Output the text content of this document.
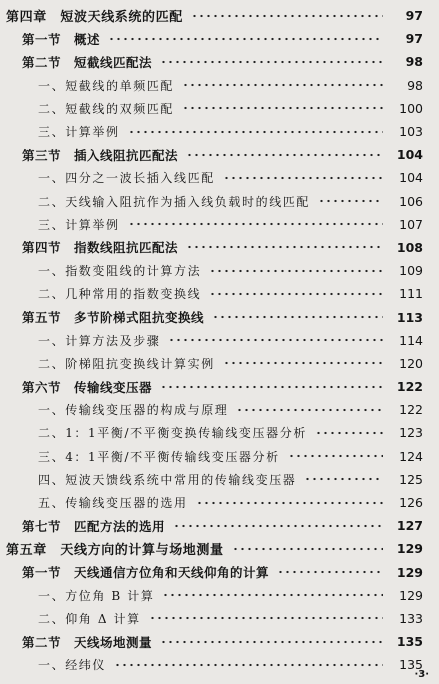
第四章　短波天线系统的匹配	97
第一节　概述	97
第二节　短截线匹配法	98
一、短截线的单频匹配	98
二、短截线的双频匹配	100
三、计算举例	103
第三节　插入线阻抗匹配法	104
一、四分之一波长插入线匹配	104
二、天线输入阻抗作为插入线负载时的线匹配	106
三、计算举例	107
第四节　指数线阻抗匹配法	108
一、指数变阻线的计算方法	109
二、几种常用的指数变换线	111
第五节　多节阶梯式阻抗变换线	113
一、计算方法及步骤	114
二、阶梯阻抗变换线计算实例	120
第六节　传输线变压器	122
一、传输线变压器的构成与原理	122
二、1：1平衡/不平衡变换传输线变压器分析	123
三、4：1平衡/不平衡传输线变压器分析	124
四、短波天馈线系统中常用的传输线变压器	125
五、传输线变压器的选用	126
第七节　匹配方法的选用	127
第五章　天线方向的计算与场地测量	129
第一节　天线通信方位角和天线仰角的计算	129
一、方位角 B 计算	129
二、仰角 Δ 计算	133
第二节　天线场地测量	135
一、经纬仪	135
·3·
